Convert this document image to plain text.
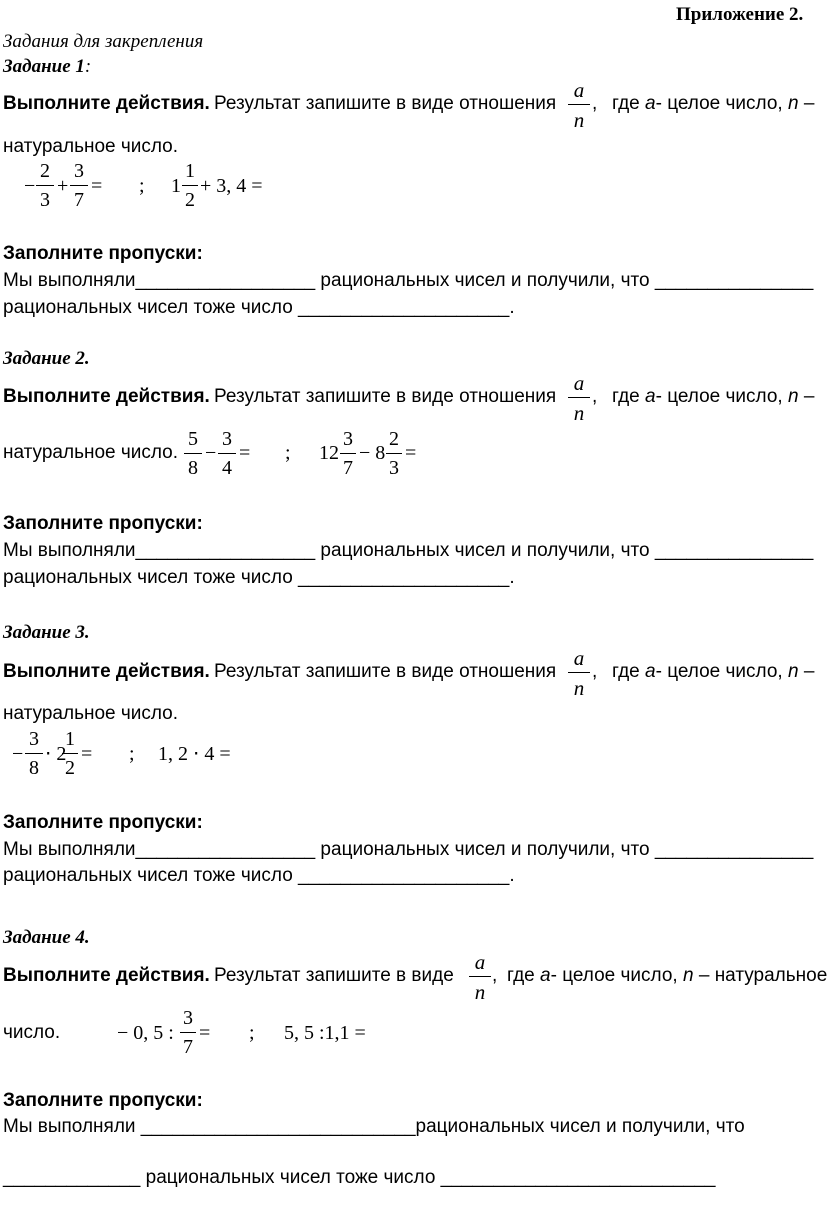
Приложение 2.
Задания для закрепления
Задание 1:
Выполните действия. Результат запишите в виде отношения
a
n
, где a- целое число, n –
натуральное число.
−
2
3
+
3
7
= ; 1
1
2
+ 3, 4 =
Заполните пропуски:
Мы выполняли_________________ рациональных чисел и получили, что _______________
рациональных чисел тоже число ____________________.
Задание 2.
Выполните действия. Результат запишите в виде отношения
a
n
, где a- целое число, n –
натуральное число.
5
8
−
3
4
= ; 12
3
7
− 8
2
3
=
Заполните пропуски:
Мы выполняли_________________ рациональных чисел и получили, что _______________
рациональных чисел тоже число ____________________.
Задание 3.
Выполните действия. Результат запишите в виде отношения
a
n
, где a- целое число, n –
натуральное число.
−
3
8
⋅ 2
1
2
= ; 1, 2 ⋅ 4 =
Заполните пропуски:
Мы выполняли_________________ рациональных чисел и получили, что _______________
рациональных чисел тоже число ____________________.
Задание 4.
Выполните действия. Результат запишите в виде
a
n
, где a- целое число, n – натуральное
число.	− 0, 5 :
3
7
= ; 5, 5 :1,1 =
Заполните пропуски:
Мы выполняли __________________________рациональных чисел и получили, что
_____________ рациональных чисел тоже число __________________________
